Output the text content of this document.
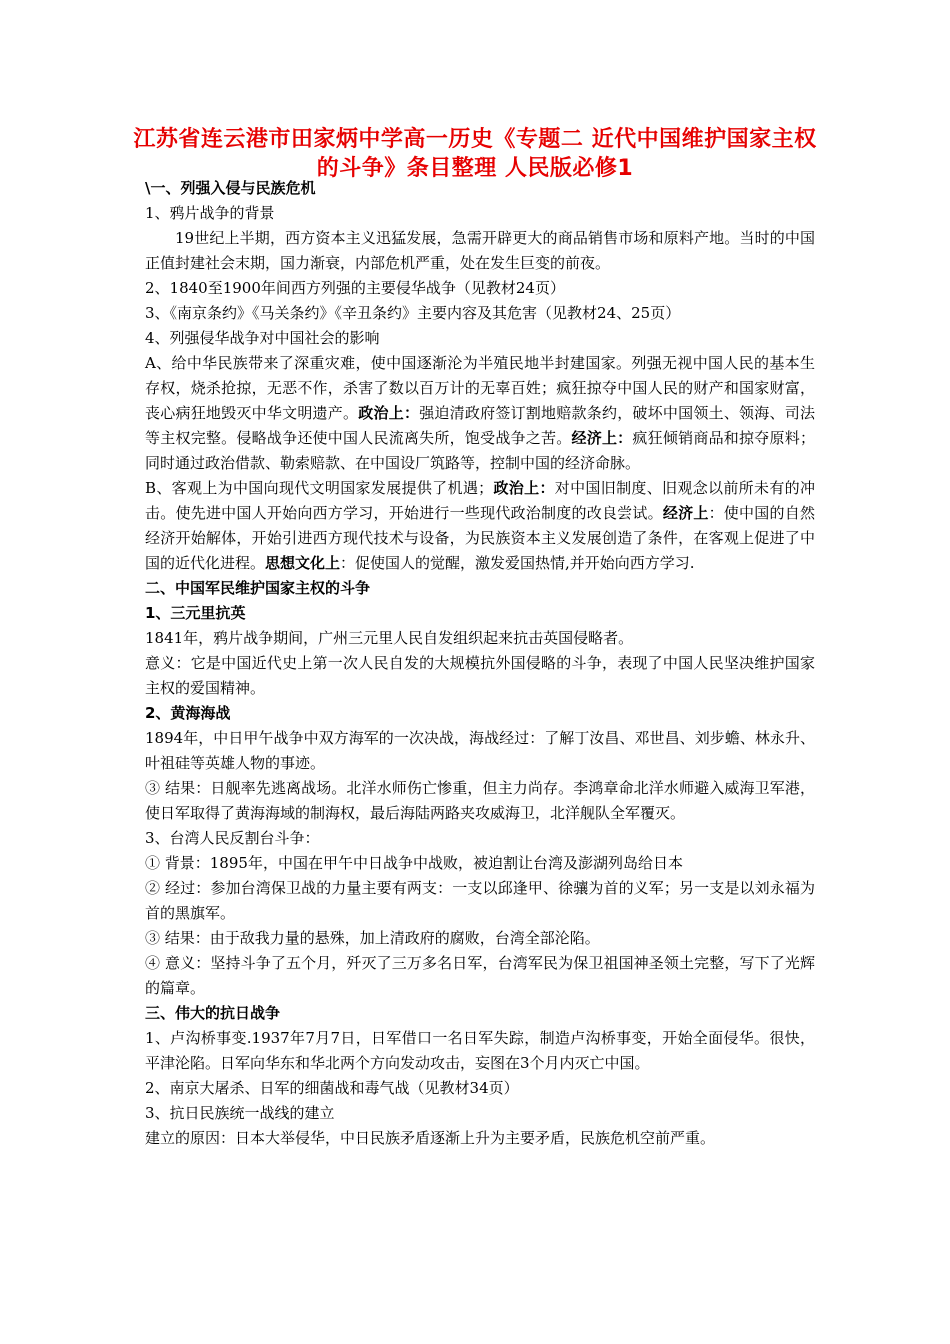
江苏省连云港市田家炳中学高一历史《专题二 近代中国维护国家主权的斗争》条目整理 人民版必修1

\一、列强入侵与民族危机

1、鸦片战争的背景

19世纪上半期，西方资本主义迅猛发展，急需开辟更大的商品销售市场和原料产地。当时的中国正值封建社会末期，国力渐衰，内部危机严重，处在发生巨变的前夜。

2、1840至1900年间西方列强的主要侵华战争（见教材24页）

3、《南京条约》《马关条约》《辛丑条约》主要内容及其危害（见教材24、25页）

4、列强侵华战争对中国社会的影响

A、给中华民族带来了深重灾难，使中国逐渐沦为半殖民地半封建国家。列强无视中国人民的基本生存权，烧杀抢掠，无恶不作，杀害了数以百万计的无辜百姓；疯狂掠夺中国人民的财产和国家财富，丧心病狂地毁灭中华文明遗产。政治上：强迫清政府签订割地赔款条约，破坏中国领土、领海、司法等主权完整。侵略战争还使中国人民流离失所，饱受战争之苦。经济上：疯狂倾销商品和掠夺原料；同时通过政治借款、勒索赔款、在中国设厂筑路等，控制中国的经济命脉。

B、客观上为中国向现代文明国家发展提供了机遇；政治上：对中国旧制度、旧观念以前所未有的冲击。使先进中国人开始向西方学习，开始进行一些现代政治制度的改良尝试。经济上：使中国的自然经济开始解体，开始引进西方现代技术与设备，为民族资本主义发展创造了条件，在客观上促进了中国的近代化进程。思想文化上：促使国人的觉醒，激发爱国热情,并开始向西方学习.

二、中国军民维护国家主权的斗争

1、三元里抗英

1841年，鸦片战争期间，广州三元里人民自发组织起来抗击英国侵略者。

意义：它是中国近代史上第一次人民自发的大规模抗外国侵略的斗争，表现了中国人民坚决维护国家主权的爱国精神。

2、黄海海战

1894年，中日甲午战争中双方海军的一次决战，海战经过：了解丁汝昌、邓世昌、刘步蟾、林永升、叶祖硅等英雄人物的事迹。

③ 结果：日舰率先逃离战场。北洋水师伤亡惨重，但主力尚存。李鸿章命北洋水师避入威海卫军港，使日军取得了黄海海域的制海权，最后海陆两路夹攻威海卫，北洋舰队全军覆灭。

3、台湾人民反割台斗争：

① 背景：1895年，中国在甲午中日战争中战败，被迫割让台湾及澎湖列岛给日本

② 经过：参加台湾保卫战的力量主要有两支：一支以邱逢甲、徐骧为首的义军；另一支是以刘永福为首的黑旗军。

③ 结果：由于敌我力量的悬殊，加上清政府的腐败，台湾全部沦陷。

④ 意义：坚持斗争了五个月，歼灭了三万多名日军，台湾军民为保卫祖国神圣领土完整，写下了光辉的篇章。

三、伟大的抗日战争

1、卢沟桥事变.1937年7月7日，日军借口一名日军失踪，制造卢沟桥事变，开始全面侵华。很快，平津沦陷。日军向华东和华北两个方向发动攻击，妄图在3个月内灭亡中国。

2、南京大屠杀、日军的细菌战和毒气战（见教材34页）

3、抗日民族统一战线的建立

建立的原因：日本大举侵华，中日民族矛盾逐渐上升为主要矛盾，民族危机空前严重。
